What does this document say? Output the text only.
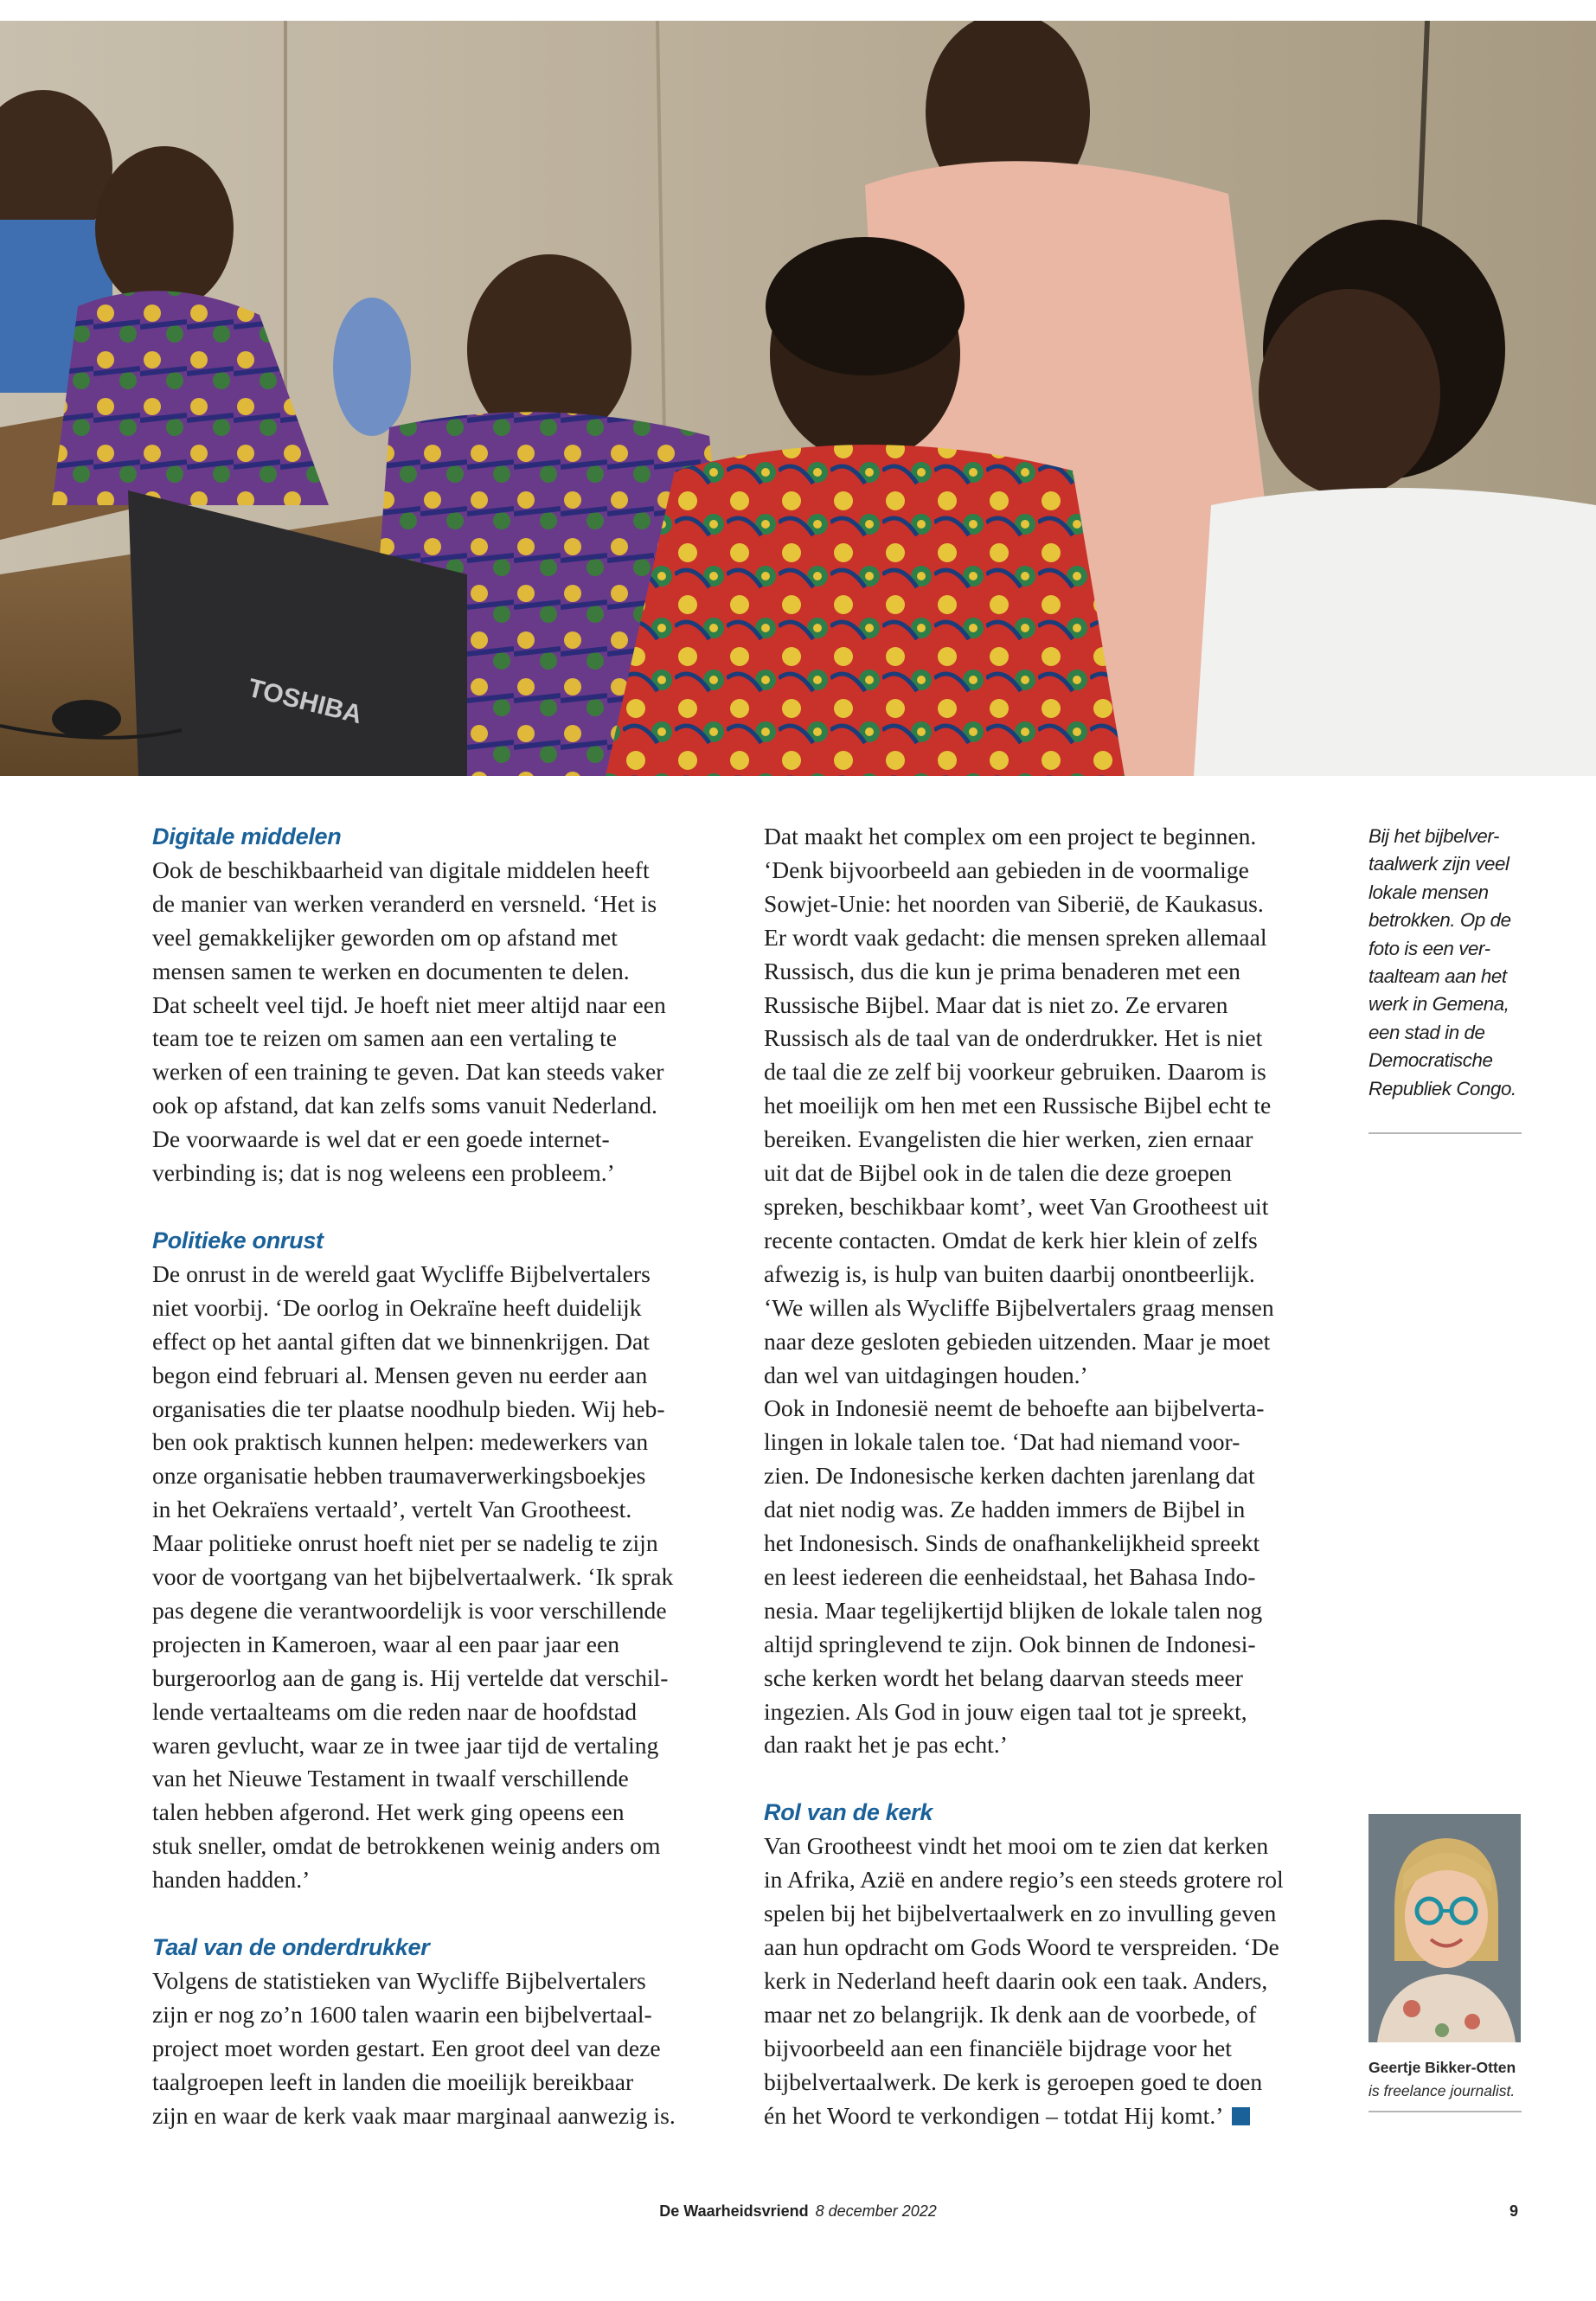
TOSHIBA

Digitale middelen

Ook de beschikbaarheid van digitale middelen heeft

de manier van werken veranderd en versneld. ‘Het is

veel gemakkelijker geworden om op afstand met

mensen samen te werken en documenten te delen.

Dat scheelt veel tijd. Je hoeft niet meer altijd naar een

team toe te reizen om samen aan een vertaling te

werken of een training te geven. Dat kan steeds vaker

ook op afstand, dat kan zelfs soms vanuit Nederland.

De voorwaarde is wel dat er een goede internet-

verbinding is; dat is nog weleens een probleem.’

Politieke onrust

De onrust in de wereld gaat Wycliffe Bijbelvertalers

niet voorbij. ‘De oorlog in Oekraïne heeft duidelijk

effect op het aantal giften dat we binnenkrijgen. Dat

begon eind februari al. Mensen geven nu eerder aan

organisaties die ter plaatse noodhulp bieden. Wij heb-

ben ook praktisch kunnen helpen: medewerkers van

onze organisatie hebben traumaverwerkingsboekjes

in het Oekraïens vertaald’, vertelt Van Grootheest.

Maar politieke onrust hoeft niet per se nadelig te zijn

voor de voortgang van het bijbelvertaalwerk. ‘Ik sprak

pas degene die verantwoordelijk is voor verschillende

projecten in Kameroen, waar al een paar jaar een

burgeroorlog aan de gang is. Hij vertelde dat verschil-

lende vertaalteams om die reden naar de hoofdstad

waren gevlucht, waar ze in twee jaar tijd de vertaling

van het Nieuwe Testament in twaalf verschillende

talen hebben afgerond. Het werk ging opeens een

stuk sneller, omdat de betrokkenen weinig anders om

handen hadden.’

Taal van de onderdrukker

Volgens de statistieken van Wycliffe Bijbelvertalers

zijn er nog zo’n 1600 talen waarin een bijbelvertaal-

project moet worden gestart. Een groot deel van deze

taalgroepen leeft in landen die moeilijk bereikbaar

zijn en waar de kerk vaak maar marginaal aanwezig is.

Dat maakt het complex om een project te beginnen.

‘Denk bijvoorbeeld aan gebieden in de voormalige

Sowjet-Unie: het noorden van Siberië, de Kaukasus.

Er wordt vaak gedacht: die mensen spreken allemaal

Russisch, dus die kun je prima benaderen met een

Russische Bijbel. Maar dat is niet zo. Ze ervaren

Russisch als de taal van de onderdrukker. Het is niet

de taal die ze zelf bij voorkeur gebruiken. Daarom is

het moeilijk om hen met een Russische Bijbel echt te

bereiken. Evangelisten die hier werken, zien ernaar

uit dat de Bijbel ook in de talen die deze groepen

spreken, beschikbaar komt’, weet Van Grootheest uit

recente contacten. Omdat de kerk hier klein of zelfs

afwezig is, is hulp van buiten daarbij onontbeerlijk.

‘We willen als Wycliffe Bijbelvertalers graag mensen

naar deze gesloten gebieden uitzenden. Maar je moet

dan wel van uitdagingen houden.’

Ook in Indonesië neemt de behoefte aan bijbelverta-

lingen in lokale talen toe. ‘Dat had niemand voor-

zien. De Indonesische kerken dachten jarenlang dat

dat niet nodig was. Ze hadden immers de Bijbel in

het Indonesisch. Sinds de onafhankelijkheid spreekt

en leest iedereen die eenheidstaal, het Bahasa Indo-

nesia. Maar tegelijkertijd blijken de lokale talen nog

altijd springlevend te zijn. Ook binnen de Indonesi-

sche kerken wordt het belang daarvan steeds meer

ingezien. Als God in jouw eigen taal tot je spreekt,

dan raakt het je pas echt.’

Rol van de kerk

Van Grootheest vindt het mooi om te zien dat kerken

in Afrika, Azië en andere regio’s een steeds grotere rol

spelen bij het bijbelvertaalwerk en zo invulling geven

aan hun opdracht om Gods Woord te verspreiden. ‘De

kerk in Nederland heeft daarin ook een taak. Anders,

maar net zo belangrijk. Ik denk aan de voorbede, of

bijvoorbeeld aan een financiële bijdrage voor het

bijbelvertaalwerk. De kerk is geroepen goed te doen

én het Woord te verkondigen – totdat Hij komt.’

Bij het bijbelver-
taalwerk zijn veel
lokale mensen
betrokken. Op de
foto is een ver-
taalteam aan het
werk in Gemena,
een stad in de
Democratische
Republiek Congo.
Geertje Bikker-Otten
is freelance journalist.
De Waarheidsvriend 8 december 2022	9
